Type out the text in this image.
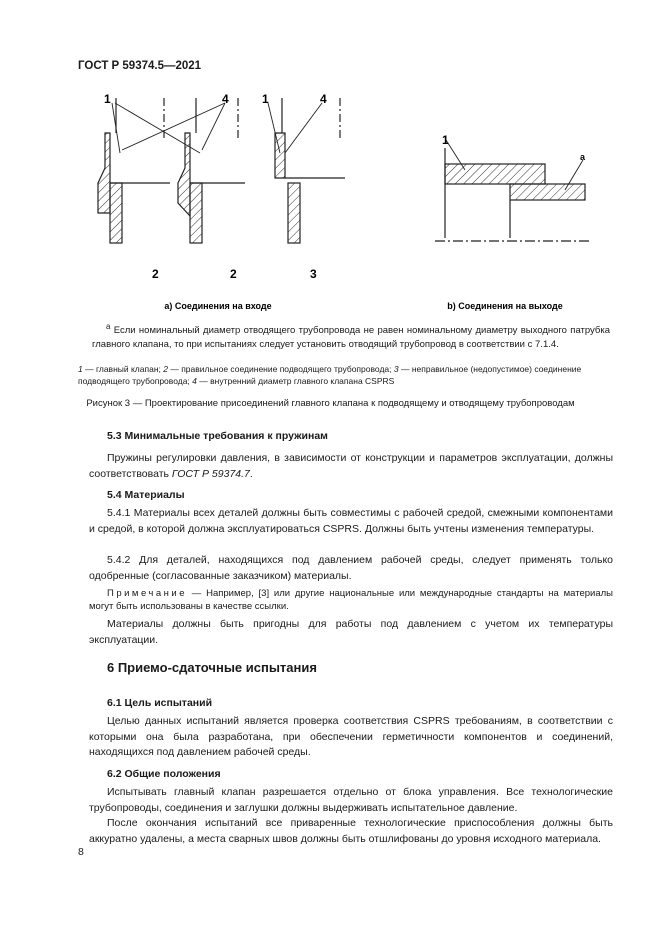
ГОСТ Р 59374.5—2021
1	4	1	4
2	2	3
1
a
a) Соединения на входе	b) Соединения на выходе
$^а$ Если номинальный диаметр отводящего трубопровода не равен номинальному диаметру выходного патрубка главного клапана, то при испытаниях следует установить отводящий трубопровод в соответствии с 7.1.4.
1 — главный клапан; 2 — правильное соединение подводящего трубопровода; 3 — неправильное (недопустимое) соединение подводящего трубопровода; 4 — внутренний диаметр главного клапана CSPRS
Рисунок 3 — Проектирование присоединений главного клапана к подводящему и отводящему трубопроводам
5.3 Минимальные требования к пружинам
Пружины регулировки давления, в зависимости от конструкции и параметров эксплуатации, должны соответствовать ГОСТ Р 59374.7.
5.4 Материалы
5.4.1 Материалы всех деталей должны быть совместимы с рабочей средой, смежными компонентами и средой, в которой должна эксплуатироваться CSPRS. Должны быть учтены изменения температуры.
5.4.2 Для деталей, находящихся под давлением рабочей среды, следует применять только одобренные (согласованные заказчиком) материалы.
Примечание — Например, [3] или другие национальные или международные стандарты на материалы могут быть использованы в качестве ссылки.
Материалы должны быть пригодны для работы под давлением с учетом их температуры эксплуатации.
6 Приемо-сдаточные испытания
6.1 Цель испытаний
Целью данных испытаний является проверка соответствия CSPRS требованиям, в соответствии с которыми она была разработана, при обеспечении герметичности компонентов и соединений, находящихся под давлением рабочей среды.
6.2 Общие положения
Испытывать главный клапан разрешается отдельно от блока управления. Все технологические трубопроводы, соединения и заглушки должны выдерживать испытательное давление.
После окончания испытаний все приваренные технологические приспособления должны быть аккуратно удалены, а места сварных швов должны быть отшлифованы до уровня исходного материала.
8
